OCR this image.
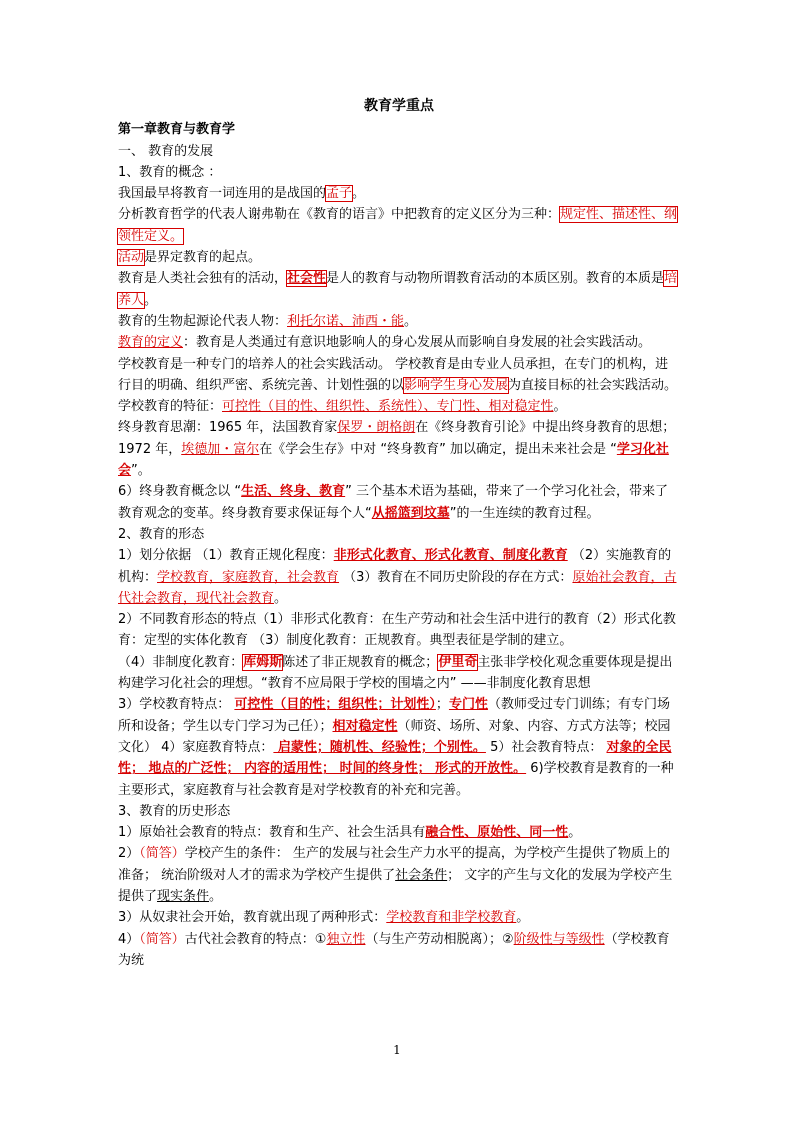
教育学重点

第一章教育与教育学

一、 教育的发展

1、教育的概念 ：

我国最早将教育一词连用的是战国的孟子。

分析教育哲学的代表人谢弗勒在《教育的语言》中把教育的定义区分为三种：规定性、描述性、纲领性定义。

活动是界定教育的起点。

教育是人类社会独有的活动，社会性是人的教育与动物所谓教育活动的本质区别。教育的本质是培养人。

教育的生物起源论代表人物：利托尔诺、沛西・能。

教育的定义：教育是人类通过有意识地影响人的身心发展从而影响自身发展的社会实践活动。

学校教育是一种专门的培养人的社会实践活动。 学校教育是由专业人员承担，在专门的机构，进行目的明确、组织严密、系统完善、计划性强的以影响学生身心发展为直接目标的社会实践活动。

学校教育的特征：可控性（目的性、组织性、系统性）、专门性、相对稳定性。

终身教育思潮：1965 年，法国教育家保罗・朗格朗在《终身教育引论》中提出终身教育的思想；1972 年，埃德加・富尔在《学会生存》中对 “终身教育” 加以确定，提出未来社会是 “学习化社会”。

6）终身教育概念以 “生活、终身、教育” 三个基本术语为基础，带来了一个学习化社会，带来了教育观念的变革。终身教育要求保证每个人“从摇篮到坟墓”的一生连续的教育过程。

2、教育的形态

1）划分依据 （1）教育正规化程度：非形式化教育、形式化教育、制度化教育 （2）实施教育的机构：学校教育，家庭教育，社会教育 （3）教育在不同历史阶段的存在方式：原始社会教育，古代社会教育，现代社会教育。

2）不同教育形态的特点（1）非形式化教育：在生产劳动和社会生活中进行的教育（2）形式化教育：定型的实体化教育 （3）制度化教育：正规教育。典型表征是学制的建立。

（4）非制度化教育：库姆斯陈述了非正规教育的概念；伊里奇主张非学校化观念重要体现是提出构建学习化社会的理想。“教育不应局限于学校的围墙之内” ——非制度化教育思想

3）学校教育特点： 可控性（目的性；组织性；计划性）；专门性（教师受过专门训练；有专门场所和设备；学生以专门学习为己任）；相对稳定性（师资、场所、对象、内容、方式方法等；校园文化） 4）家庭教育特点： 启蒙性；随机性、经验性；个别性。 5）社会教育特点： 对象的全民性； 地点的广泛性； 内容的适用性； 时间的终身性； 形式的开放性。 6)学校教育是教育的一种主要形式，家庭教育与社会教育是对学校教育的补充和完善。

3、教育的历史形态

1）原始社会教育的特点：教育和生产、社会生活具有融合性、原始性、同一性。

2）（简答）学校产生的条件： 生产的发展与社会生产力水平的提高，为学校产生提供了物质上的准备； 统治阶级对人才的需求为学校产生提供了社会条件； 文字的产生与文化的发展为学校产生提供了现实条件。

3）从奴隶社会开始，教育就出现了两种形式：学校教育和非学校教育。

4）（简答）古代社会教育的特点：①独立性（与生产劳动相脱离）；②阶级性与等级性（学校教育为统

1
